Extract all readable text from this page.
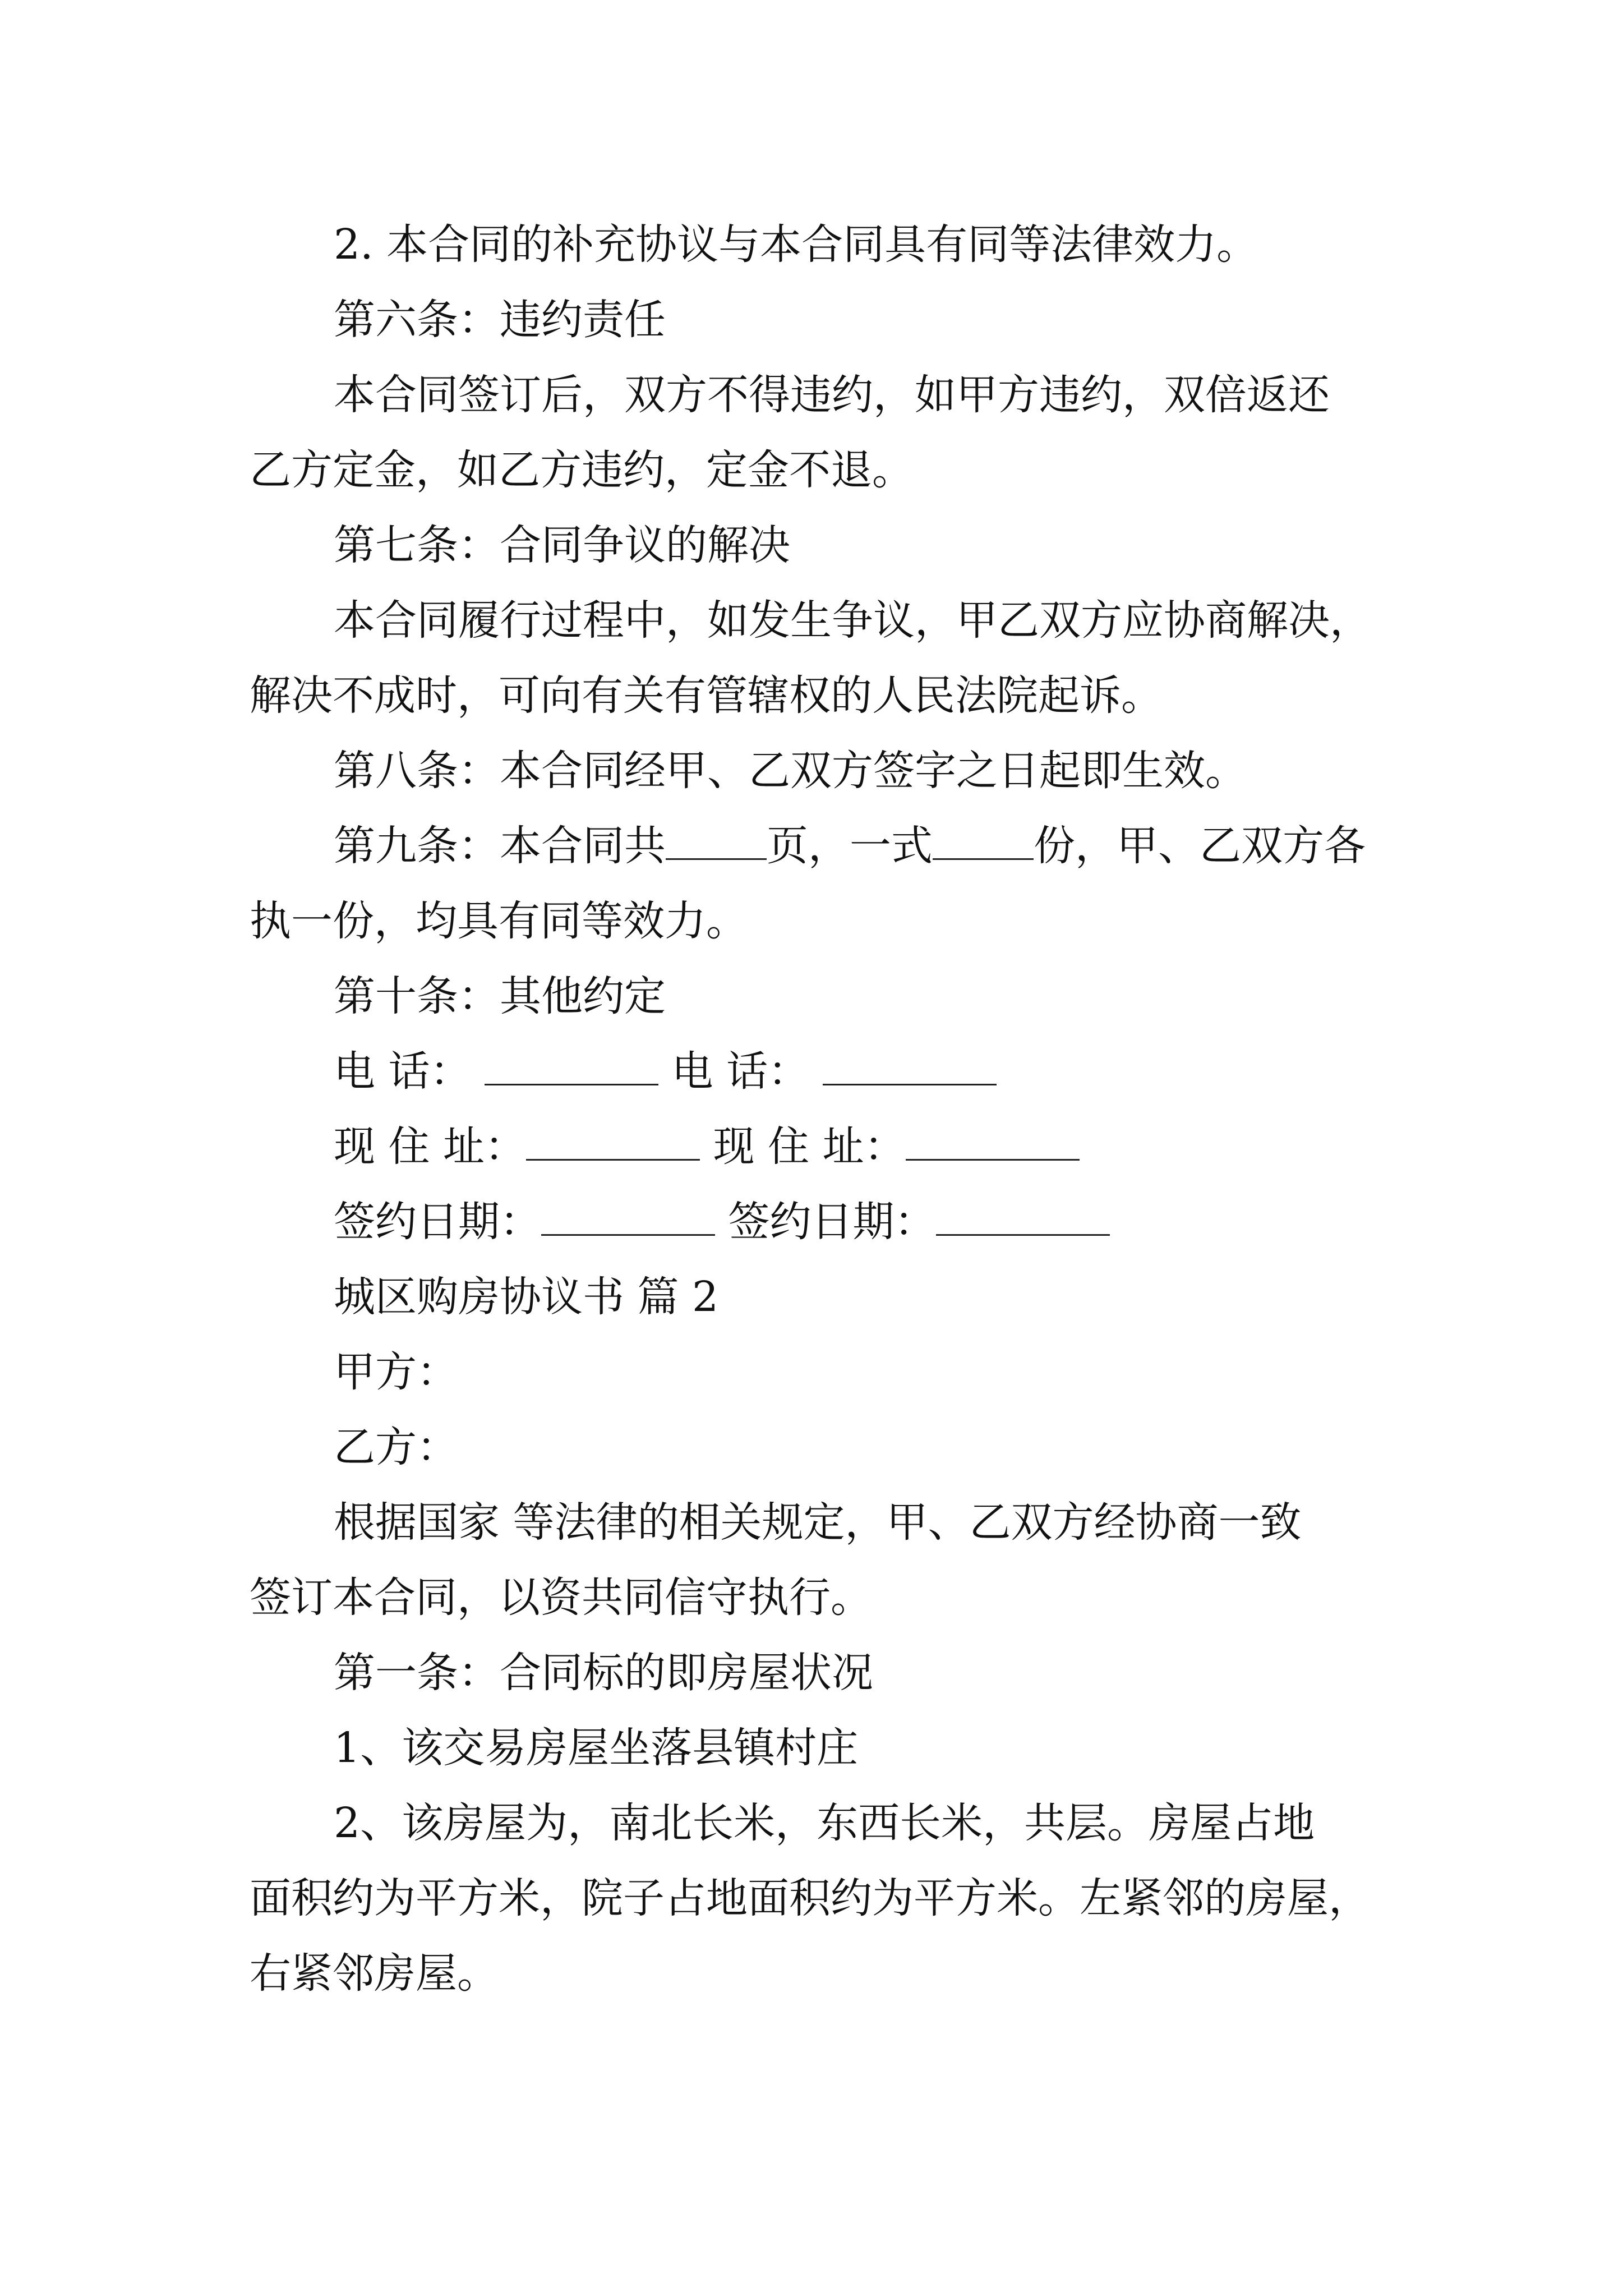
2. 本合同的补充协议与本合同具有同等法律效力。

第六条：违约责任

本合同签订后，双方不得违约，如甲方违约，双倍返还

乙方定金，如乙方违约，定金不退。

第七条：合同争议的解决

本合同履行过程中，如发生争议，甲乙双方应协商解决，

解决不成时，可向有关有管辖权的人民法院起诉。

第八条：本合同经甲、乙双方签字之日起即生效。

第九条：本合同共 页，一式 份，甲、乙双方各

执一份，均具有同等效力。

第十条：其他约定

电 话：	电 话：

现 住 址：	现 住 址：

签约日期：	签约日期：

城区购房协议书 篇 2

甲方：

乙方：

根据国家 等法律的相关规定，甲、乙双方经协商一致

签订本合同，以资共同信守执行。

第一条：合同标的即房屋状况

1、该交易房屋坐落县镇村庄

2、该房屋为，南北长米，东西长米，共层。房屋占地

面积约为平方米，院子占地面积约为平方米。左紧邻的房屋，

右紧邻房屋。
